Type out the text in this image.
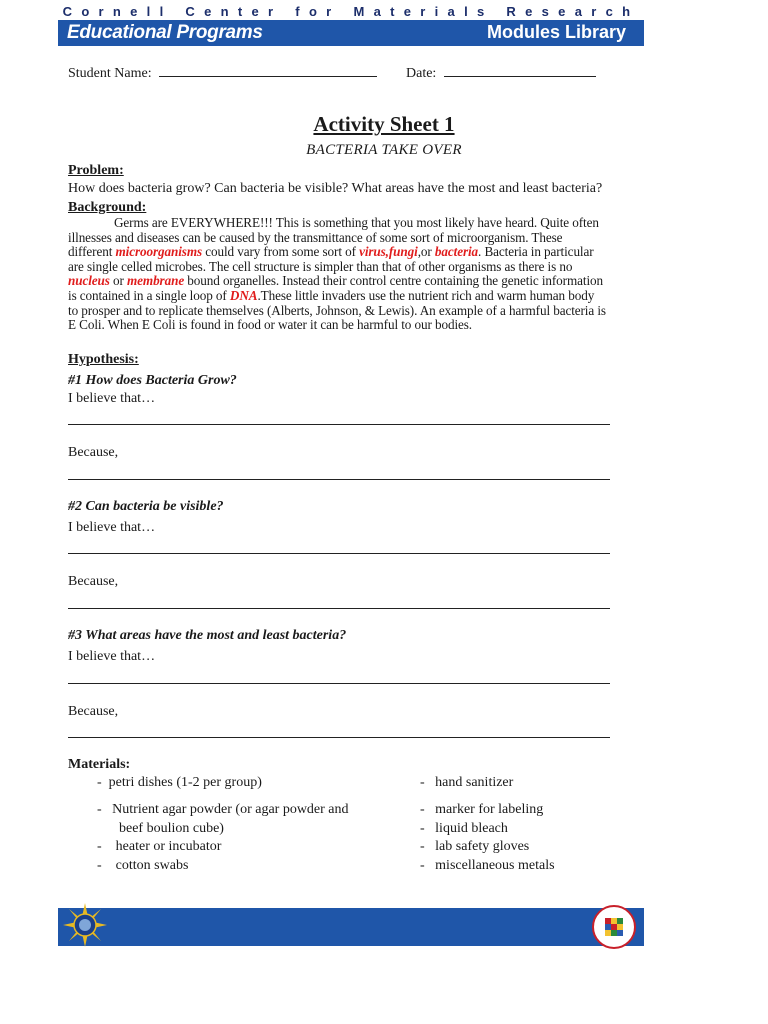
Cornell Center for Materials Research
Educational Programs	Modules Library
Student Name:	Date:
Activity Sheet 1
BACTERIA TAKE OVER
Problem:
How does bacteria grow? Can bacteria be visible? What areas have the most and least bacteria?
Background:
Germs are EVERYWHERE!!! This is something that you most likely have heard. Quite often
illnesses and diseases can be caused by the transmittance of some sort of microorganism. These
different microorganisms could vary from some sort of virus,fungi,or bacteria. Bacteria in particular
are single celled microbes. The cell structure is simpler than that of other organisms as there is no
nucleus or membrane bound organelles. Instead their control centre containing the genetic information
is contained in a single loop of DNA.These little invaders use the nutrient rich and warm human body
to prosper and to replicate themselves (Alberts, Johnson, & Lewis). An example of a harmful bacteria is
E Coli. When E Coli is found in food or water it can be harmful to our bodies.
Hypothesis:
#1 How does Bacteria Grow?
I believe that…
Because,
#2 Can bacteria be visible?
I believe that…
Because,
#3 What areas have the most and least bacteria?
I believe that…
Because,
Materials:
-  petri dishes (1-2 per group)
-   Nutrient agar powder (or agar powder and
beef boulion cube)
-    heater or incubator
-    cotton swabs
-   hand sanitizer
-   marker for labeling
-   liquid bleach
-   lab safety gloves
-   miscellaneous metals
